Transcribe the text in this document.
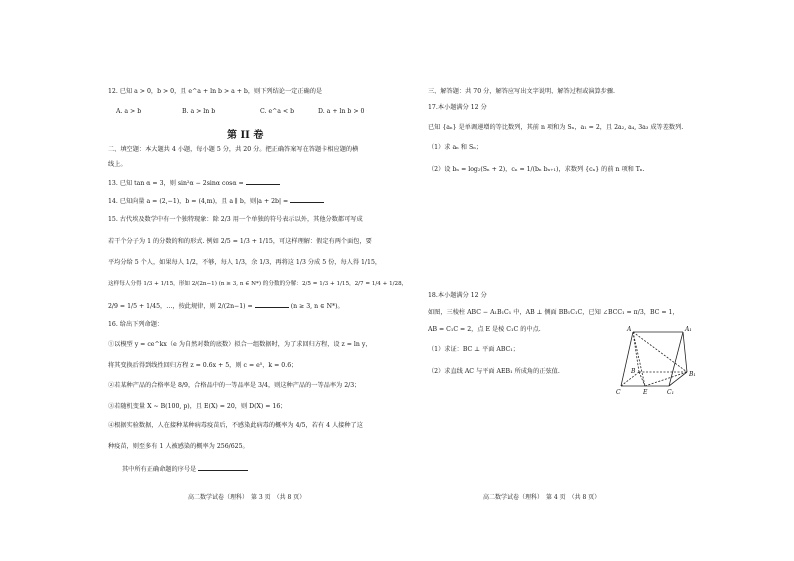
12. 已知 a > 0，b > 0，且 e^a + ln b > a + b，则下列结论一定正确的是
A. a > b	B. a > ln b	C. e^a < b	D. a + ln b > 0
第 II 卷
二、填空题：本大题共 4 小题，每小题 5 分，共 20 分。把正确答案写在答题卡相应题的横
线上。
13. 已知 tan α = 3，则 sin²α − 2sinα cosα =
14. 已知向量 a = (2,−1)，b = (4,m)，且 a ∥ b，则|a + 2b| =
15. 古代埃及数学中有一个独特现象：除 2/3 用一个单独的符号表示以外，其他分数都可写成
若干个分子为 1 的分数的和的形式. 例如 2/5 = 1/3 + 1/15，可这样理解：假定有两个面包，要
平均分给 5 个人，如果每人 1/2，不够，每人 1/3，余 1/3，再将这 1/3 分成 5 份，每人得 1/15，
这样每人分得 1/3 + 1/15，形如 2/(2n−1) (n ≥ 3, n ∈ N*) 的分数的分解：2/5 = 1/3 + 1/15，2/7 = 1/4 + 1/28，
2/9 = 1/5 + 1/45，…，按此规律，则 2/(2n−1) =	(n ≥ 3, n ∈ N*)。
16. 给出下列命题：
①以模型 y = ce^kx（e 为自然对数的底数）拟合一组数据时，为了求回归方程，设 z = ln y，
将其变换后得到线性回归方程 z = 0.6x + 5，则 c = e⁵，k = 0.6；
②若某种产品的合格率是 8/9，合格品中的一等品率是 3/4，则这种产品的一等品率为 2/3；
③若随机变量 X ~ B(100, p)，且 E(X) = 20，则 D(X) = 16；
④根据实验数据，人在接种某种病毒疫苗后，不感染此病毒的概率为 4/5，若有 4 人接种了这
种疫苗，则至多有 1 人被感染的概率为 256/625。
其中所有正确命题的序号是
高二数学试卷（理科）　第 3 页　（共 8 页）
三、解答题：共 70 分，解答应写出文字说明、解答过程或演算步骤.
17.本小题满分 12 分
已知 {aₙ} 是单调递增的等比数列，其前 n 项和为 Sₙ，a₁ = 2，且 2a₂, a₄, 3a₃ 成等差数列.
（1）求 aₙ 和 Sₙ；
（2）设 bₙ = log₂(Sₙ + 2)，cₙ = 1/(bₙ bₙ₊₁)，求数列 {cₙ} 的前 n 项和 Tₙ.
18.本小题满分 12 分
如图，三棱柱 ABC − A₁B₁C₁ 中，AB ⊥ 侧面 BB₁C₁C，已知 ∠BCC₁ = π/3，BC = 1，
AB = C₁C = 2，点 E 是棱 C₁C 的中点.
（1）求证：BC ⊥ 平面 ABC₁；
（2）求直线 AC 与平面 AEB₁ 所成角的正弦值.
A	A₁
B	B₁
C	E	C₁
高二数学试卷（理科）　第 4 页　（共 8 页）
